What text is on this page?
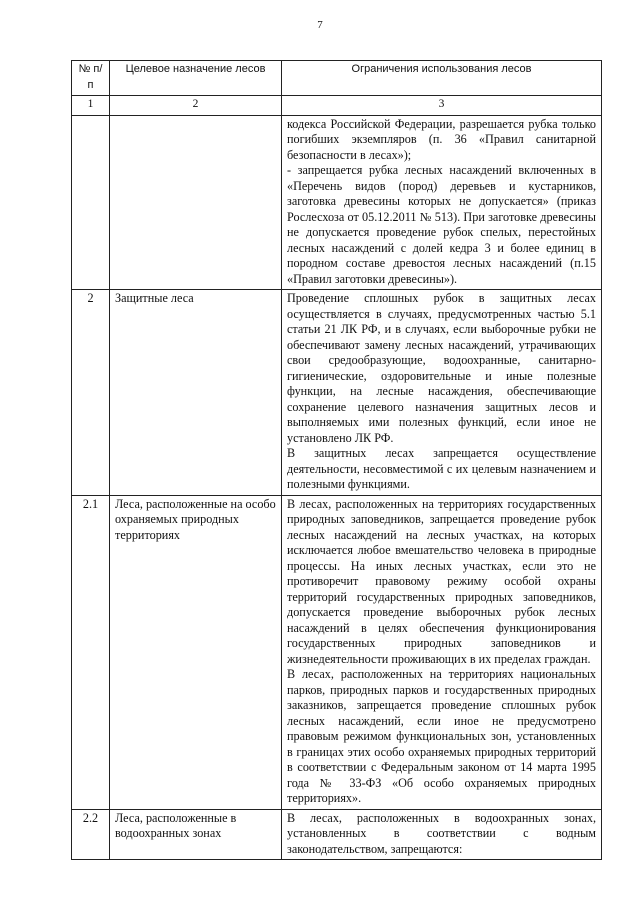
7
№ п/п	Целевое назначение лесов	Ограничения использования лесов
1	2	3

		кодекса Российской Федерации, разрешается рубка только погибших экземпляров (п. 36 «Правил санитарной безопасности в лесах»);

- запрещается рубка лесных насаждений включенных в «Перечень видов (пород) деревьев и кустарников, заготовка древесины которых не допускается» (приказ Рослесхоза от 05.12.2011 № 513). При заготовке древесины не допускается проведение рубок спелых, перестойных лесных насаждений с долей кедра 3 и более единиц в породном составе древостоя лесных насаждений (п.15 «Правил заготовки древесины»).

2	Защитные леса	Проведение сплошных рубок в защитных лесах осуществляется в случаях, предусмотренных частью 5.1 статьи 21 ЛК РФ, и в случаях, если выборочные рубки не обеспечивают замену лесных насаждений, утрачивающих свои средообразующие, водоохранные, санитарно-гигиенические, оздоровительные и иные полезные функции, на лесные насаждения, обеспечивающие сохранение целевого назначения защитных лесов и выполняемых ими полезных функций, если иное не установлено ЛК РФ.

В защитных лесах запрещается осуществление деятельности, несовместимой с их целевым назначением и полезными функциями.

2.1	Леса, расположенные на особо охраняемых природных территориях	В лесах, расположенных на территориях государственных природных заповедников, запрещается проведение рубок лесных насаждений на лесных участках, на которых исключается любое вмешательство человека в природные процессы. На иных лесных участках, если это не противоречит правовому режиму особой охраны территорий государственных природных заповедников, допускается проведение выборочных рубок лесных насаждений в целях обеспечения функционирования государственных природных заповедников и жизнедеятельности проживающих в их пределах граждан.

В лесах, расположенных на территориях национальных парков, природных парков и государственных природных заказников, запрещается проведение сплошных рубок лесных насаждений, если иное не предусмотрено правовым режимом функциональных зон, установленных в границах этих особо охраняемых природных территорий в соответствии с Федеральным законом от 14 марта 1995 года № 33-ФЗ «Об особо охраняемых природных территориях».

2.2	Леса, расположенные в водоохранных зонах	В лесах, расположенных в водоохранных зонах, установленных в соответствии с водным законодательством, запрещаются:
